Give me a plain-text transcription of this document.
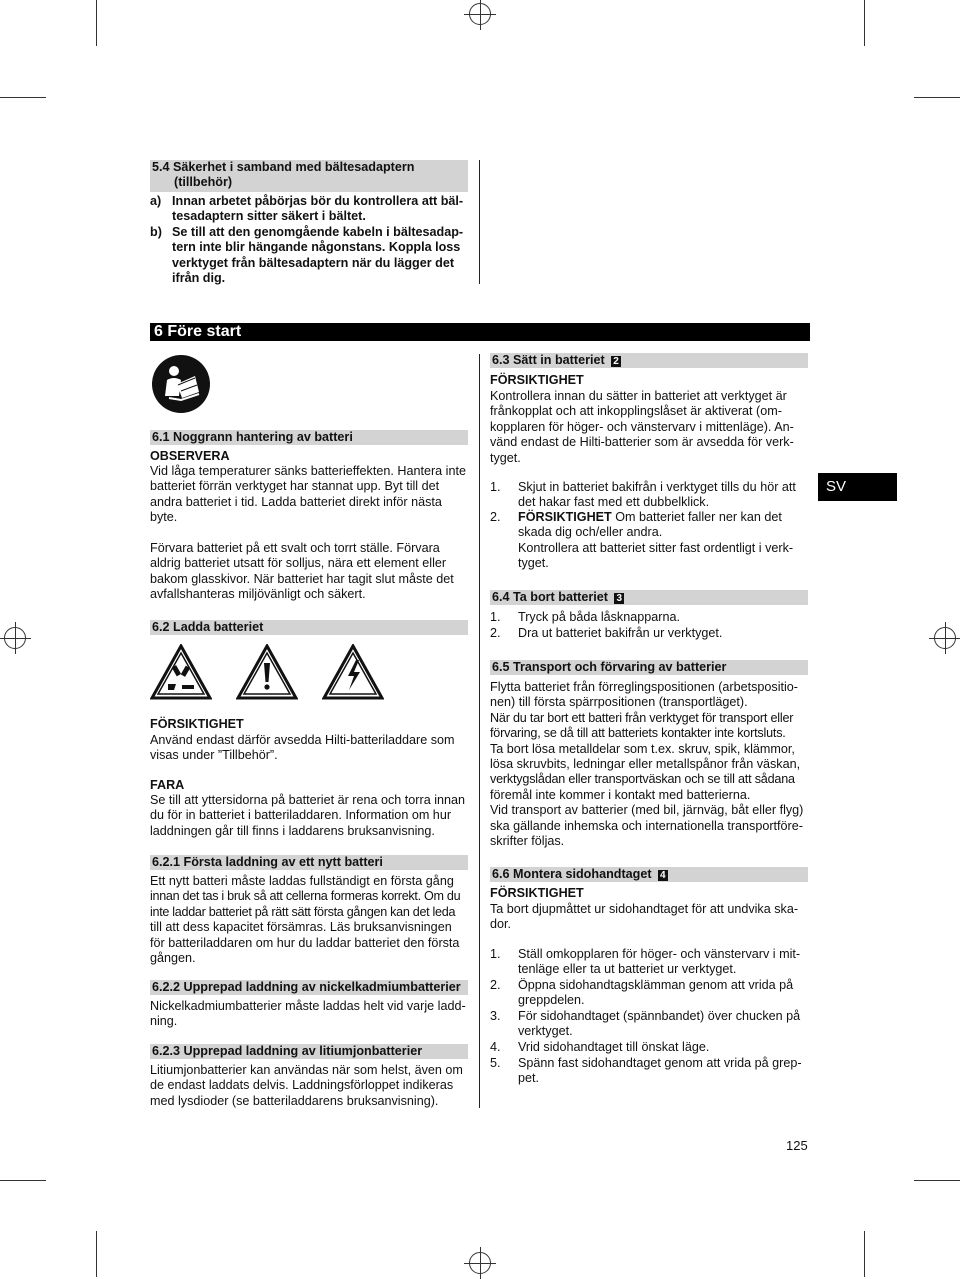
5.4 Säkerhet i samband med bältesadaptern
(tillbehör)
a) Innan arbetet påbörjas bör du kontrollera att bäl-
tesadaptern sitter säkert i bältet.
b) Se till att den genomgående kabeln i bältesadap-
tern inte blir hängande någonstans. Koppla loss
verktyget från bältesadaptern när du lägger det
ifrån dig.
6 Före start
6.1 Noggrann hantering av batteri
OBSERVERA
Vid låga temperaturer sänks batterieffekten. Hantera inte
batteriet förrän verktyget har stannat upp. Byt till det
andra batteriet i tid. Ladda batteriet direkt inför nästa
byte.
Förvara batteriet på ett svalt och torrt ställe. Förvara
aldrig batteriet utsatt för solljus, nära ett element eller
bakom glasskivor. När batteriet har tagit slut måste det
avfallshanteras miljövänligt och säkert.
6.2 Ladda batteriet
FÖRSIKTIGHET
Använd endast därför avsedda Hilti-batteriladdare som
visas under ”Tillbehör”.
FARA
Se till att yttersidorna på batteriet är rena och torra innan
du för in batteriet i batteriladdaren. Information om hur
laddningen går till finns i laddarens bruksanvisning.
6.2.1 Första laddning av ett nytt batteri
Ett nytt batteri måste laddas fullständigt en första gång
innan det tas i bruk så att cellerna formeras korrekt. Om du
inte laddar batteriet på rätt sätt första gången kan det leda
till att dess kapacitet försämras. Läs bruksanvisningen
för batteriladdaren om hur du laddar batteriet den första
gången.
6.2.2 Upprepad laddning av nickelkadmiumbatterier
Nickelkadmiumbatterier måste laddas helt vid varje ladd-
ning.
6.2.3 Upprepad laddning av litiumjonbatterier
Litiumjonbatterier kan användas när som helst, även om
de endast laddats delvis. Laddningsförloppet indikeras
med lysdioder (se batteriladdarens bruksanvisning).
6.3 Sätt in batteriet 2
FÖRSIKTIGHET
Kontrollera innan du sätter in batteriet att verktyget är
frånkopplat och att inkopplingslåset är aktiverat (om-
kopplaren för höger- och vänstervarv i mittenläge). An-
vänd endast de Hilti-batterier som är avsedda för verk-
tyget.
1. Skjut in batteriet bakifrån i verktyget tills du hör att
det hakar fast med ett dubbelklick.
2. FÖRSIKTIGHET Om batteriet faller ner kan det
skada dig och/eller andra.
Kontrollera att batteriet sitter fast ordentligt i verk-
tyget.
6.4 Ta bort batteriet 3
1.	Tryck på båda låsknapparna.
2.	Dra ut batteriet bakifrån ur verktyget.
6.5 Transport och förvaring av batterier
Flytta batteriet från förreglingspositionen (arbetspositio-
nen) till första spärrpositionen (transportläget).
När du tar bort ett batteri från verktyget för transport eller
förvaring, se då till att batteriets kontakter inte kortsluts.
Ta bort lösa metalldelar som t.ex. skruv, spik, klämmor,
lösa skruvbits, ledningar eller metallspånor från väskan,
verktygslådan eller transportväskan och se till att sådana
föremål inte kommer i kontakt med batterierna.
Vid transport av batterier (med bil, järnväg, båt eller flyg)
ska gällande inhemska och internationella transportföre-
skrifter följas.
6.6 Montera sidohandtaget 4
FÖRSIKTIGHET
Ta bort djupmåttet ur sidohandtaget för att undvika ska-
dor.
1. Ställ omkopplaren för höger- och vänstervarv i mit-
tenläge eller ta ut batteriet ur verktyget.
2. Öppna sidohandtagsklämman genom att vrida på
greppdelen.
3. För sidohandtaget (spännbandet) över chucken på
verktyget.
4. Vrid sidohandtaget till önskat läge.
5. Spänn fast sidohandtaget genom att vrida på grep-
pet.
SV
125
